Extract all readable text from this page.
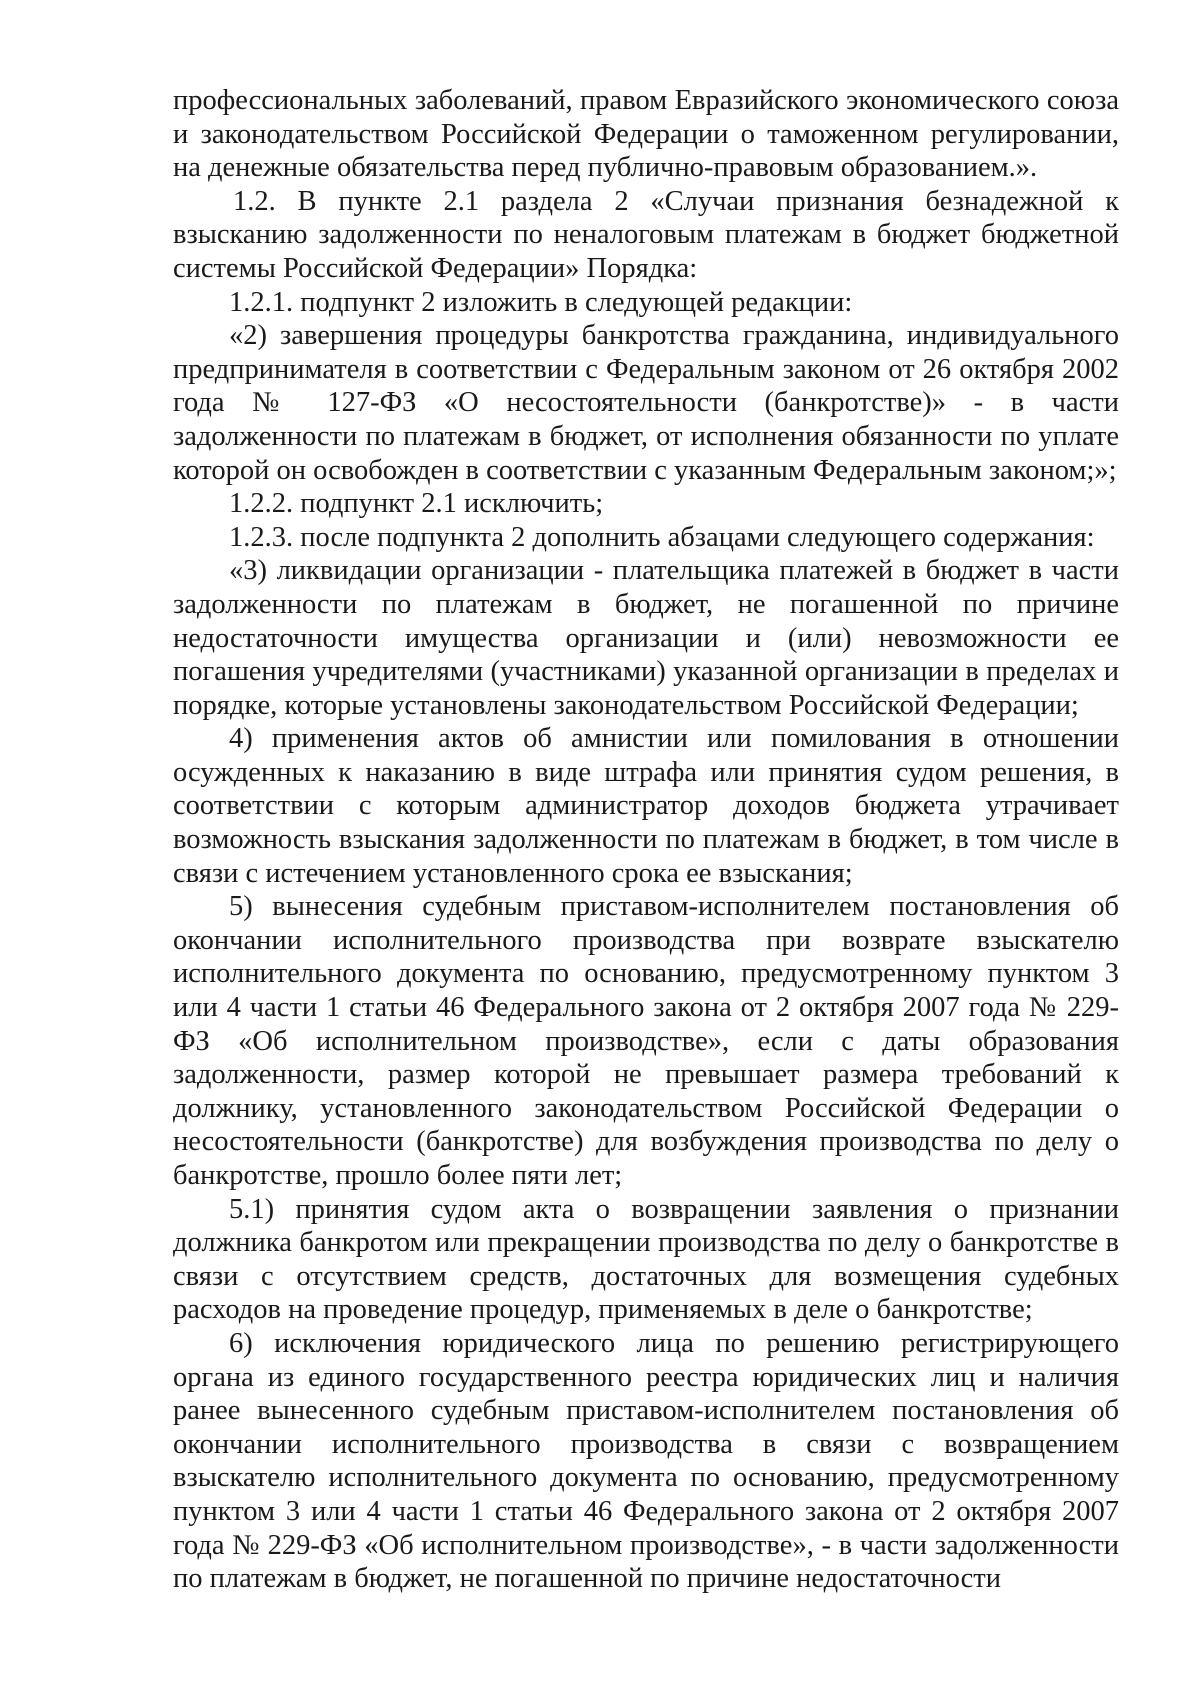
профессиональных заболеваний, правом Евразийского экономического союза и законодательством Российской Федерации о таможенном регулировании, на денежные обязательства перед публично-правовым образованием.».

1.2. В пункте 2.1 раздела 2 «Случаи признания безнадежной к взысканию задолженности по неналоговым платежам в бюджет бюджетной системы Российской Федерации» Порядка:

1.2.1. подпункт 2 изложить в следующей редакции:

«2) завершения процедуры банкротства гражданина, индивидуального предпринимателя в соответствии с Федеральным законом от 26 октября 2002 года № 127-ФЗ «О несостоятельности (банкротстве)» - в части задолженности по платежам в бюджет, от исполнения обязанности по уплате которой он освобожден в соответствии с указанным Федеральным законом;»;

1.2.2. подпункт 2.1 исключить;

1.2.3. после подпункта 2 дополнить абзацами следующего содержания:

«3) ликвидации организации - плательщика платежей в бюджет в части задолженности по платежам в бюджет, не погашенной по причине недостаточности имущества организации и (или) невозможности ее погашения учредителями (участниками) указанной организации в пределах и порядке, которые установлены законодательством Российской Федерации;

4) применения актов об амнистии или помилования в отношении осужденных к наказанию в виде штрафа или принятия судом решения, в соответствии с которым администратор доходов бюджета утрачивает возможность взыскания задолженности по платежам в бюджет, в том числе в связи с истечением установленного срока ее взыскания;

5) вынесения судебным приставом-исполнителем постановления об окончании исполнительного производства при возврате взыскателю исполнительного документа по основанию, предусмотренному пунктом 3 или 4 части 1 статьи 46 Федерального закона от 2 октября 2007 года № 229-ФЗ «Об исполнительном производстве», если с даты образования задолженности, размер которой не превышает размера требований к должнику, установленного законодательством Российской Федерации о несостоятельности (банкротстве) для возбуждения производства по делу о банкротстве, прошло более пяти лет;

5.1) принятия судом акта о возвращении заявления о признании должника банкротом или прекращении производства по делу о банкротстве в связи с отсутствием средств, достаточных для возмещения судебных расходов на проведение процедур, применяемых в деле о банкротстве;

6) исключения юридического лица по решению регистрирующего органа из единого государственного реестра юридических лиц и наличия ранее вынесенного судебным приставом-исполнителем постановления об окончании исполнительного производства в связи с возвращением взыскателю исполнительного документа по основанию, предусмотренному пунктом 3 или 4 части 1 статьи 46 Федерального закона от 2 октября 2007 года № 229-ФЗ «Об исполнительном производстве», - в части задолженности по платежам в бюджет, не погашенной по причине недостаточности
